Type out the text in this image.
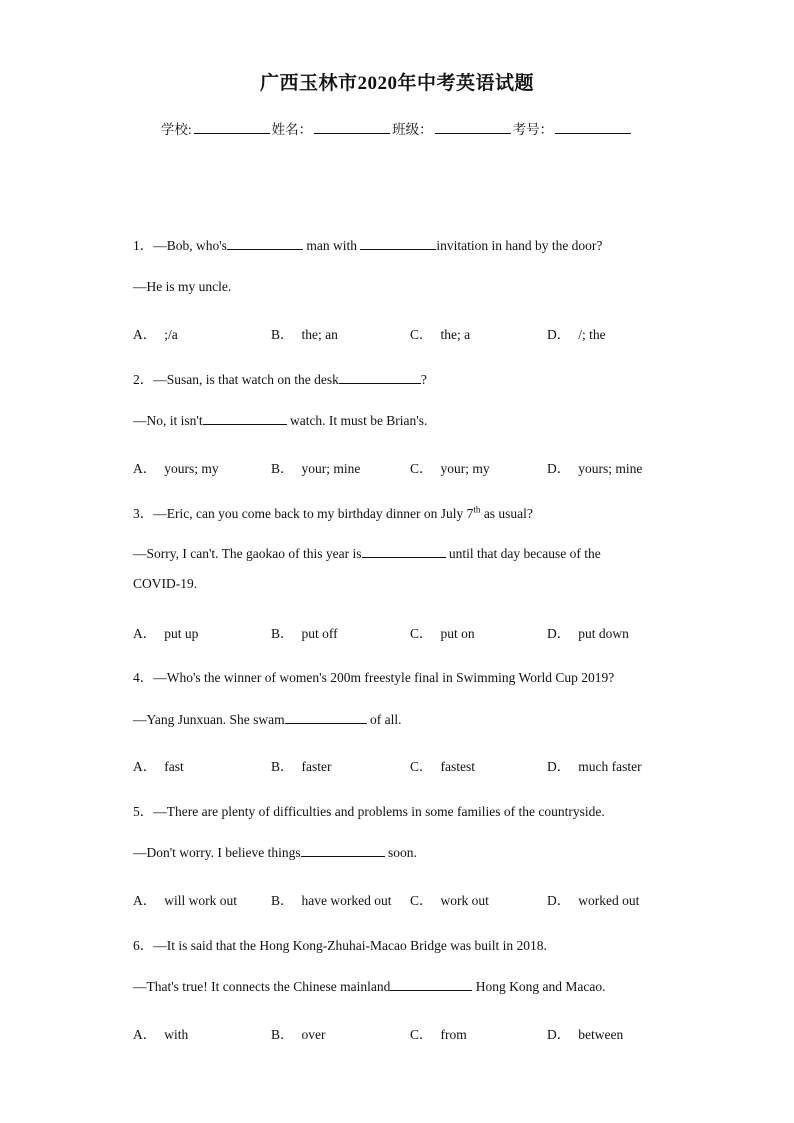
广西玉林市2020年中考英语试题
学校:	姓名：	班级：	考号：
1．—Bob, who's	man with	invitation in hand by the door?
—He is my uncle.
A． ;/a	B． the; an	C． the; a	D． /; the
2．—Susan, is that watch on the desk	?
—No, it isn't	watch. It must be Brian's.
A． yours; my	B． your; mine	C． your; my	D． yours; mine
3．—Eric, can you come back to my birthday dinner on July 7th as usual?
—Sorry, I can't. The gaokao of this year is	until that day because of the COVID-19.
A． put up	B． put off	C． put on	D． put down
4．—Who's the winner of women's 200m freestyle final in Swimming World Cup 2019?
—Yang Junxuan. She swam	of all.
A． fast	B． faster	C． fastest	D． much faster
5．—There are plenty of difficulties and problems in some families of the countryside.
—Don't worry. I believe things	soon.
A． will work out	B． have worked out C． work out	D． worked out
6．—It is said that the Hong Kong-Zhuhai-Macao Bridge was built in 2018.
—That's true! It connects the Chinese mainland	Hong Kong and Macao.
A． with	B． over	C． from	D． between
